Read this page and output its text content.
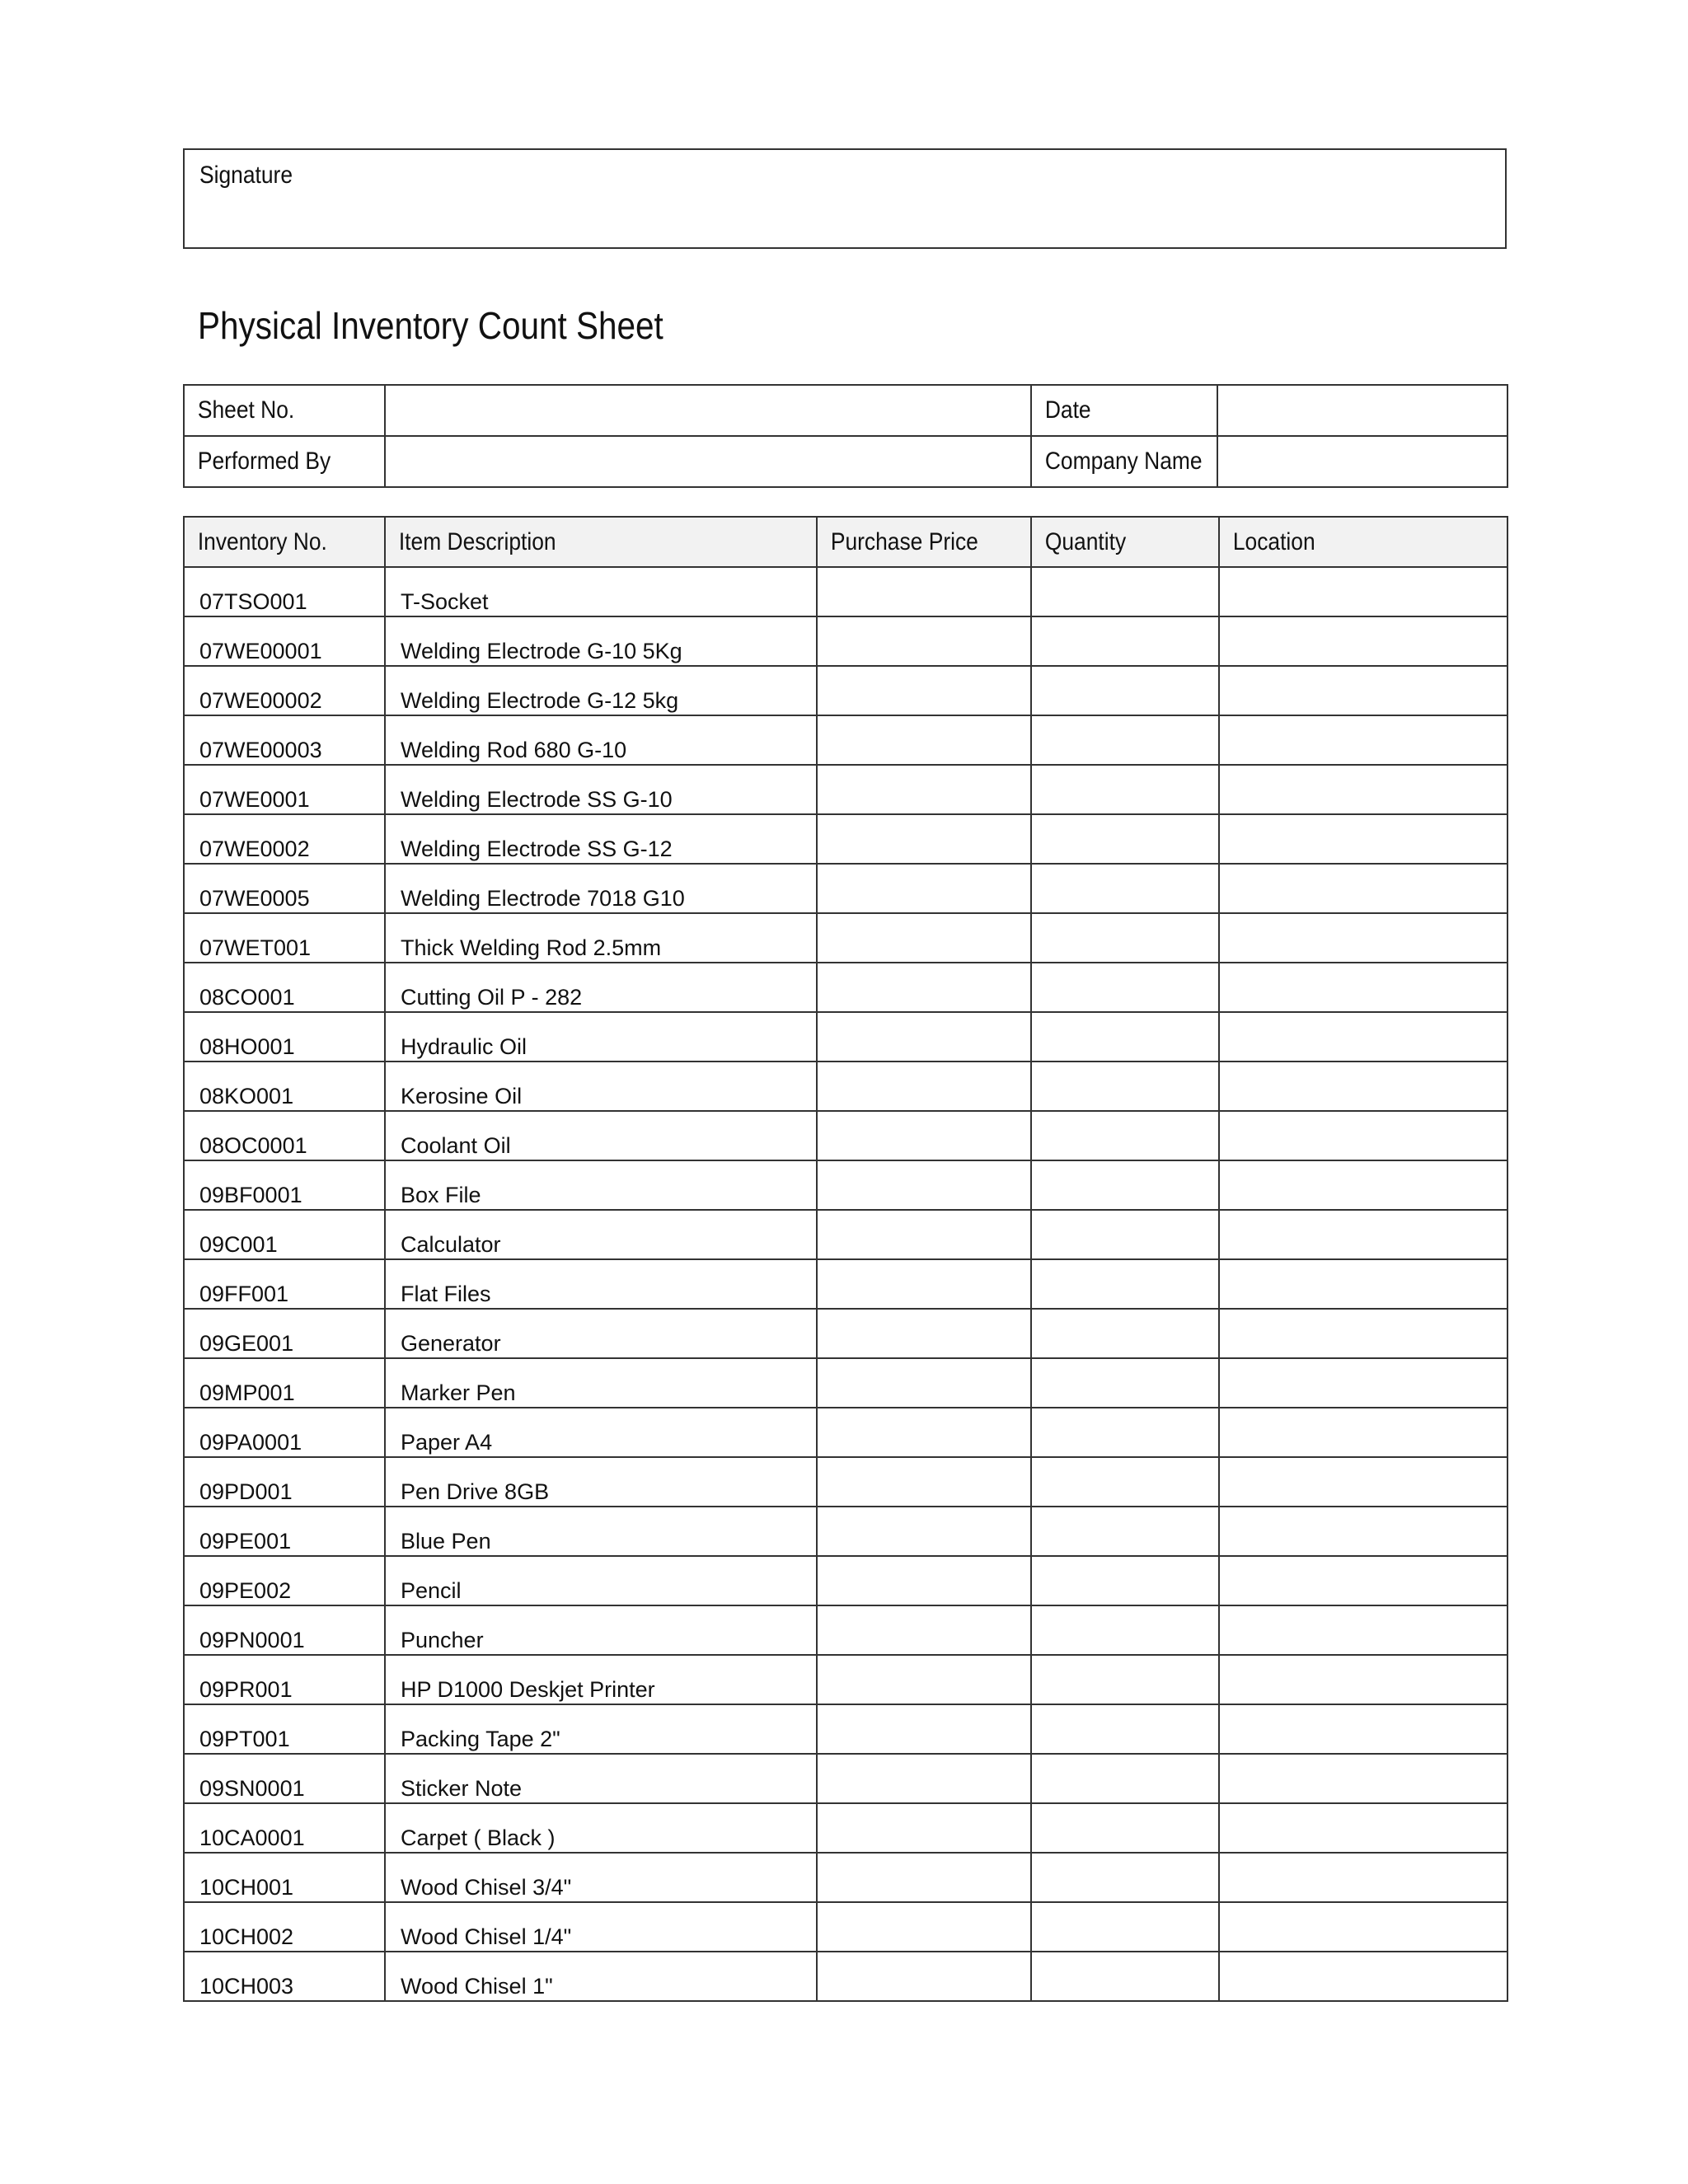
Signature
Physical Inventory Count Sheet
Sheet No.		Date	
Performed By		Company Name	
Inventory No.	Item Description	Purchase Price	Quantity	Location

07TSO001	T-Socket			

07WE00001	Welding Electrode G-10 5Kg			

07WE00002	Welding Electrode G-12 5kg			

07WE00003	Welding Rod 680 G-10			

07WE0001	Welding Electrode SS G-10			

07WE0002	Welding Electrode SS G-12			

07WE0005	Welding Electrode 7018 G10			

07WET001	Thick Welding Rod 2.5mm			

08CO001	Cutting Oil P - 282			

08HO001	Hydraulic Oil			

08KO001	Kerosine Oil			

08OC0001	Coolant Oil			

09BF0001	Box File			

09C001	Calculator			

09FF001	Flat Files			

09GE001	Generator			

09MP001	Marker Pen			

09PA0001	Paper A4			

09PD001	Pen Drive 8GB			

09PE001	Blue Pen			

09PE002	Pencil			

09PN0001	Puncher			

09PR001	HP D1000 Deskjet Printer			

09PT001	Packing Tape 2"			

09SN0001	Sticker Note			

10CA0001	Carpet ( Black )			

10CH001	Wood Chisel 3/4"			

10CH002	Wood Chisel 1/4"			

10CH003	Wood Chisel 1"			
